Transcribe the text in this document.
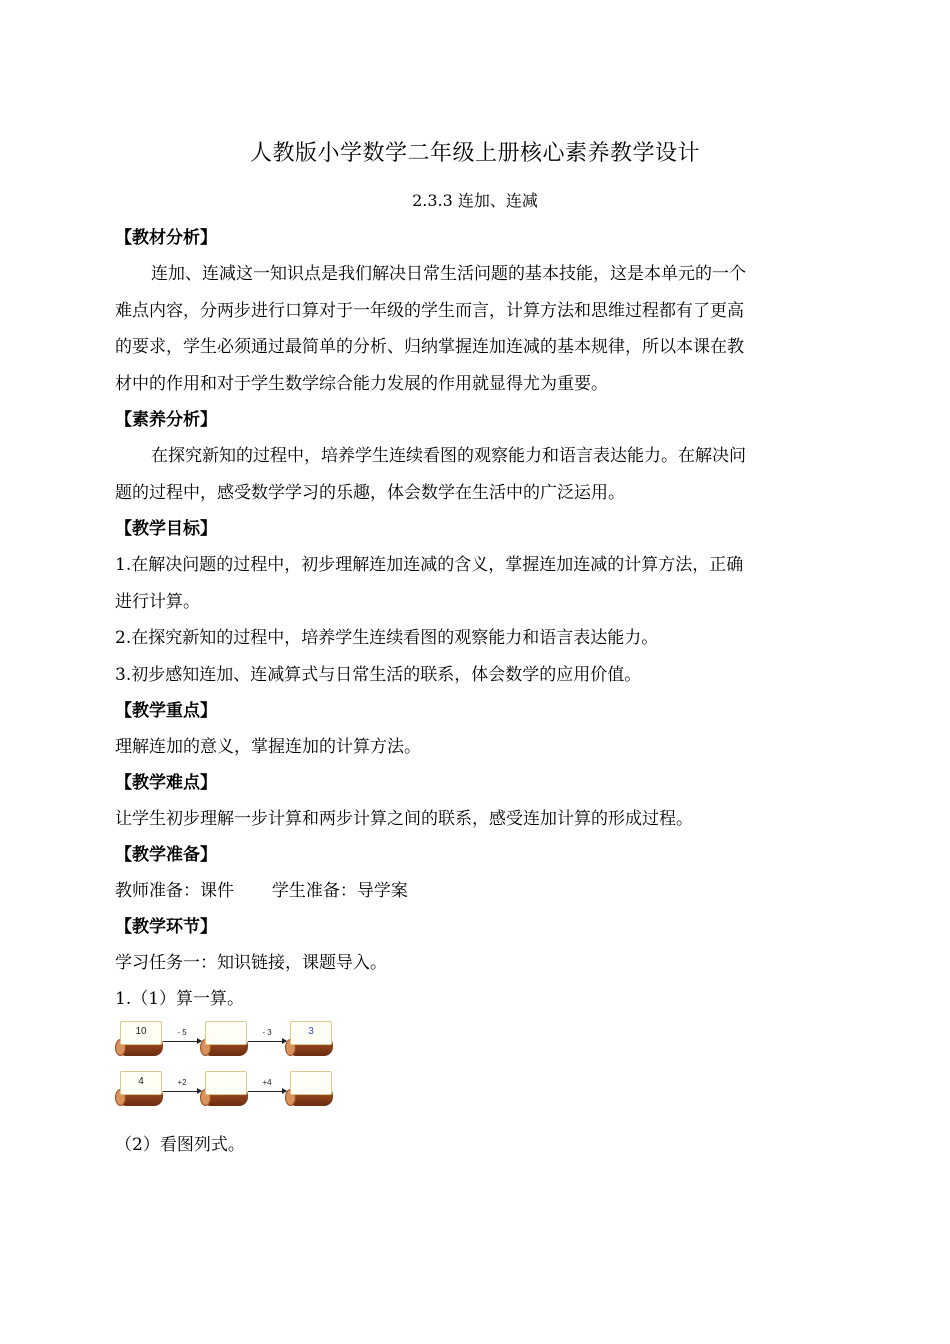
人教版小学数学二年级上册核心素养教学设计
2.3.3 连加、连减
【教材分析】
连加、连减这一知识点是我们解决日常生活问题的基本技能，这是本单元的一个
难点内容，分两步进行口算对于一年级的学生而言，计算方法和思维过程都有了更高
的要求，学生必须通过最简单的分析、归纳掌握连加连减的基本规律，所以本课在教
材中的作用和对于学生数学综合能力发展的作用就显得尤为重要。
【素养分析】
在探究新知的过程中，培养学生连续看图的观察能力和语言表达能力。在解决问
题的过程中，感受数学学习的乐趣，体会数学在生活中的广泛运用。
【教学目标】
1.在解决问题的过程中，初步理解连加连减的含义，掌握连加连减的计算方法，正确
进行计算。
2.在探究新知的过程中，培养学生连续看图的观察能力和语言表达能力。
3.初步感知连加、连减算式与日常生活的联系，体会数学的应用价值。
【教学重点】
理解连加的意义，掌握连加的计算方法。
【教学难点】
让学生初步理解一步计算和两步计算之间的联系，感受连加计算的形成过程。
【教学准备】
教师准备：课件       学生准备：导学案
【教学环节】
学习任务一：知识链接，课题导入。
1.（1）算一算。
10	- 5	- 3	3
4	+2	+4
（2）看图列式。
